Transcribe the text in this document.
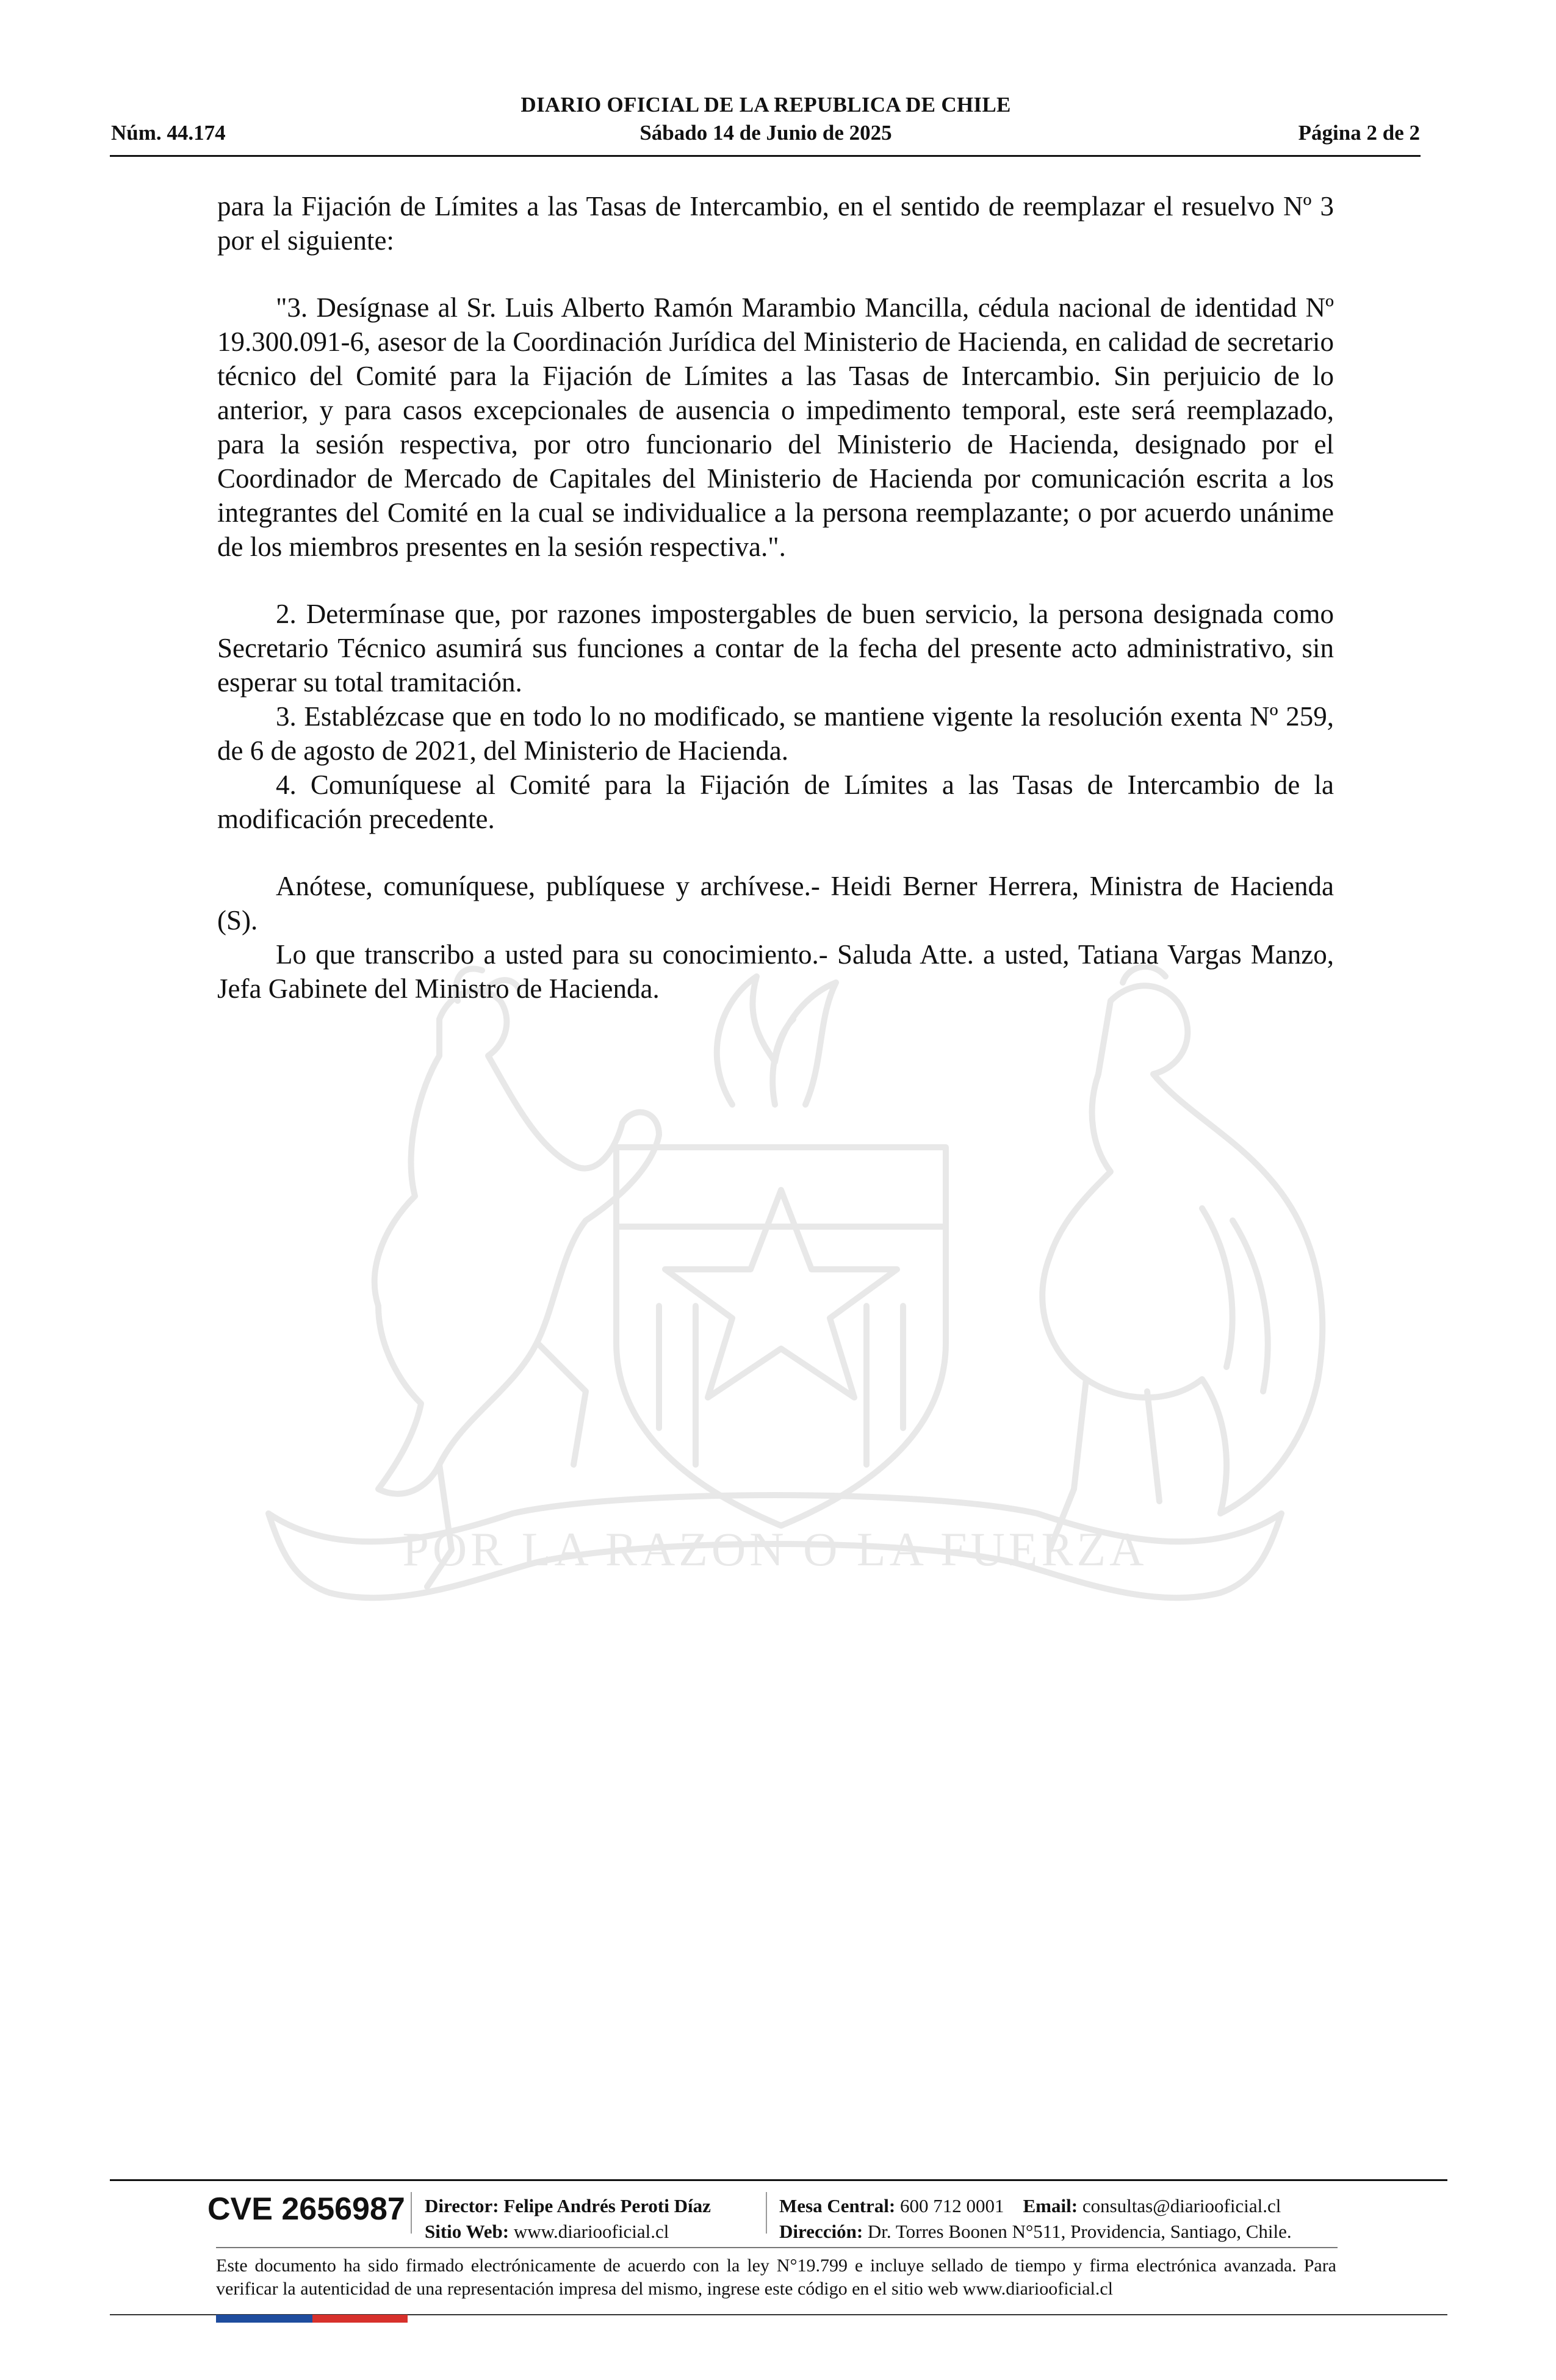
DIARIO OFICIAL DE LA REPUBLICA DE CHILE
Núm. 44.174	Sábado 14 de Junio de 2025	Página 2 de 2
POR LA RAZON O LA FUERZA

para la Fijación de Límites a las Tasas de Intercambio, en el sentido de reemplazar el resuelvo Nº 3 por el siguiente:

"3. Desígnase al Sr. Luis Alberto Ramón Marambio Mancilla, cédula nacional de identidad Nº 19.300.091-6, asesor de la Coordinación Jurídica del Ministerio de Hacienda, en calidad de secretario técnico del Comité para la Fijación de Límites a las Tasas de Intercambio. Sin perjuicio de lo anterior, y para casos excepcionales de ausencia o impedimento temporal, este será reemplazado, para la sesión respectiva, por otro funcionario del Ministerio de Hacienda, designado por el Coordinador de Mercado de Capitales del Ministerio de Hacienda por comunicación escrita a los integrantes del Comité en la cual se individualice a la persona reemplazante; o por acuerdo unánime de los miembros presentes en la sesión respectiva.".

2. Determínase que, por razones impostergables de buen servicio, la persona designada como Secretario Técnico asumirá sus funciones a contar de la fecha del presente acto administrativo, sin esperar su total tramitación.

3. Establézcase que en todo lo no modificado, se mantiene vigente la resolución exenta Nº 259, de 6 de agosto de 2021, del Ministerio de Hacienda.

4. Comuníquese al Comité para la Fijación de Límites a las Tasas de Intercambio de la modificación precedente.

Anótese, comuníquese, publíquese y archívese.- Heidi Berner Herrera, Ministra de Hacienda (S).

Lo que transcribo a usted para su conocimiento.- Saluda Atte. a usted, Tatiana Vargas Manzo, Jefa Gabinete del Ministro de Hacienda.

CVE 2656987 Director: Felipe Andrés Peroti Díaz
Sitio Web: www.diariooficial.cl
Mesa Central: 600 712 0001 Email: consultas@diariooficial.cl
Dirección: Dr. Torres Boonen N°511, Providencia, Santiago, Chile.
Este documento ha sido firmado electrónicamente de acuerdo con la ley N°19.799 e incluye sellado de tiempo y firma electrónica avanzada. Para verificar la autenticidad de una representación impresa del mismo, ingrese este código en el sitio web www.diariooficial.cl
